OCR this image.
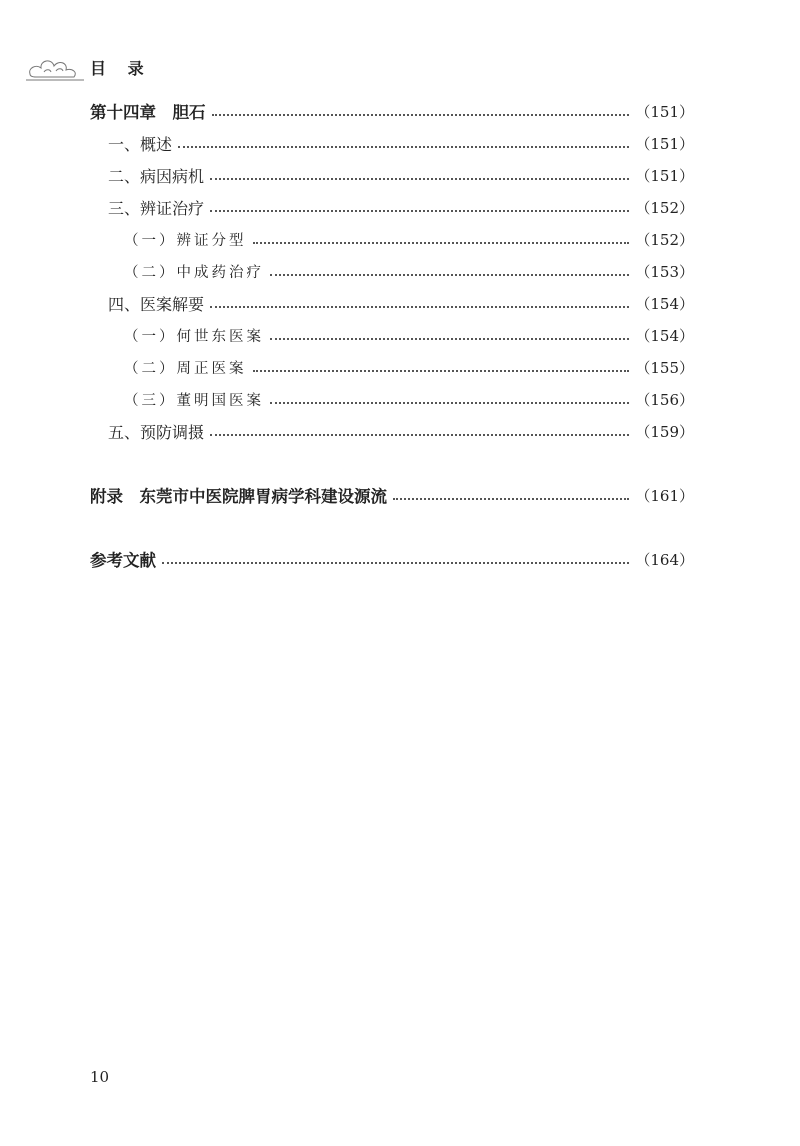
目 录
第十四章　胆石	（151）
一、概述	（151）
二、病因病机	（151）
三、辨证治疗	（152）
（一）辨证分型	（152）
（二）中成药治疗	（153）
四、医案解要	（154）
（一）何世东医案	（154）
（二）周正医案	（155）
（三）董明国医案	（156）
五、预防调摄	（159）
附录　东莞市中医院脾胃病学科建设源流	（161）
参考文献	（164）
10
